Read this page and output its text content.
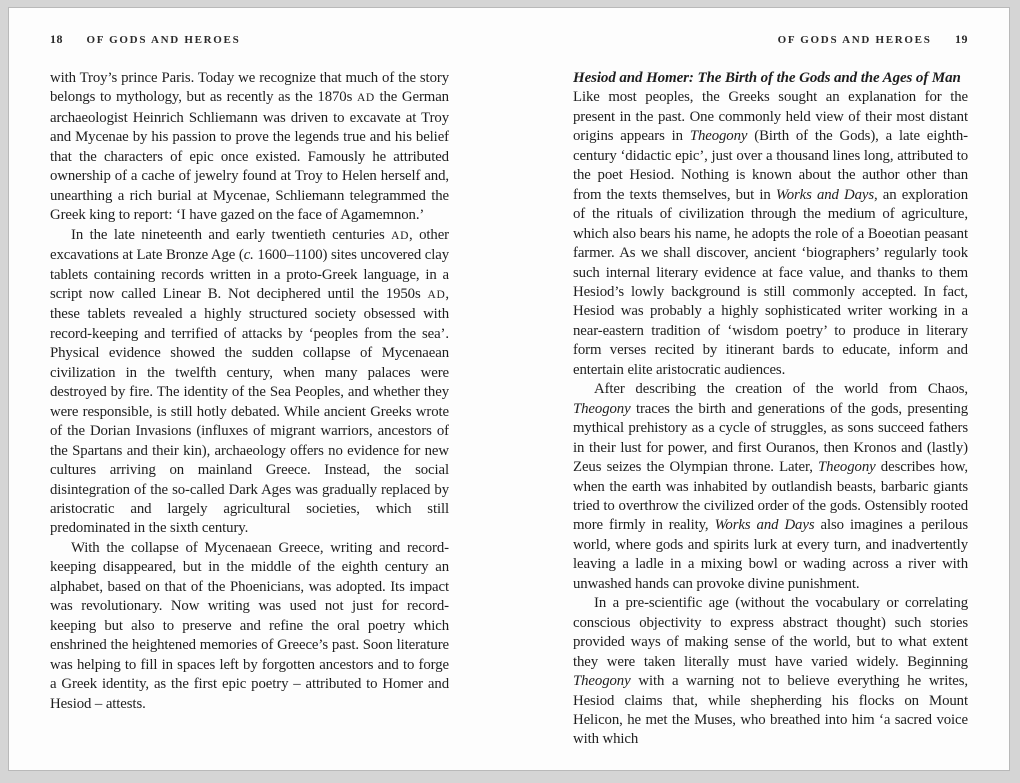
18 OF GODS AND HEROES

with Troy’s prince Paris. Today we recognize that much of the story belongs to mythology, but as recently as the 1870s AD the German archaeologist Heinrich Schliemann was driven to excavate at Troy and Mycenae by his passion to prove the legends true and his belief that the characters of epic once existed. Famously he attributed ownership of a cache of jewelry found at Troy to Helen herself and, unearthing a rich burial at Mycenae, Schliemann telegrammed the Greek king to report: ‘I have gazed on the face of Agamemnon.’

In the late nineteenth and early twentieth centuries AD, other excavations at Late Bronze Age (c. 1600–1100) sites uncovered clay tablets containing records written in a proto-Greek language, in a script now called Linear B. Not deciphered until the 1950s AD, these tablets revealed a highly structured society obsessed with record-keeping and terrified of attacks by ‘peoples from the sea’. Physical evidence showed the sudden collapse of Mycenaean civilization in the twelfth century, when many palaces were destroyed by fire. The identity of the Sea Peoples, and whether they were responsible, is still hotly debated. While ancient Greeks wrote of the Dorian Invasions (influxes of migrant warriors, ancestors of the Spartans and their kin), archaeology offers no evidence for new cultures arriving on mainland Greece. Instead, the social disintegration of the so-called Dark Ages was gradually replaced by aristocratic and largely agricultural societies, which still predominated in the sixth century.

With the collapse of Mycenaean Greece, writing and record-keeping disappeared, but in the middle of the eighth century an alphabet, based on that of the Phoenicians, was adopted. Its impact was revolutionary. Now writing was used not just for record-keeping but also to preserve and refine the oral poetry which enshrined the heightened memories of Greece’s past. Soon literature was helping to fill in spaces left by forgotten ancestors and to forge a Greek identity, as the first epic poetry – attributed to Homer and Hesiod – attests.

OF GODS AND HEROES 19
Hesiod and Homer: The Birth of the Gods and the Ages of Man

Like most peoples, the Greeks sought an explanation for the present in the past. One commonly held view of their most distant origins appears in Theogony (Birth of the Gods), a late eighth-century ‘didactic epic’, just over a thousand lines long, attributed to the poet Hesiod. Nothing is known about the author other than from the texts themselves, but in Works and Days, an exploration of the rituals of civilization through the medium of agriculture, which also bears his name, he adopts the role of a Boeotian peasant farmer. As we shall discover, ancient ‘biographers’ regularly took such internal literary evidence at face value, and thanks to them Hesiod’s lowly background is still commonly accepted. In fact, Hesiod was probably a highly sophisticated writer working in a near-eastern tradition of ‘wisdom poetry’ to produce in literary form verses recited by itinerant bards to educate, inform and entertain elite aristocratic audiences.

After describing the creation of the world from Chaos, Theogony traces the birth and generations of the gods, presenting mythical prehistory as a cycle of struggles, as sons succeed fathers in their lust for power, and first Ouranos, then Kronos and (lastly) Zeus seizes the Olympian throne. Later, Theogony describes how, when the earth was inhabited by outlandish beasts, barbaric giants tried to overthrow the civilized order of the gods. Ostensibly rooted more firmly in reality, Works and Days also imagines a perilous world, where gods and spirits lurk at every turn, and inadvertently leaving a ladle in a mixing bowl or wading across a river with unwashed hands can provoke divine punishment.

In a pre-scientific age (without the vocabulary or correlating conscious objectivity to express abstract thought) such stories provided ways of making sense of the world, but to what extent they were taken literally must have varied widely. Beginning Theogony with a warning not to believe everything he writes, Hesiod claims that, while shepherding his flocks on Mount Helicon, he met the Muses, who breathed into him ‘a sacred voice with which
